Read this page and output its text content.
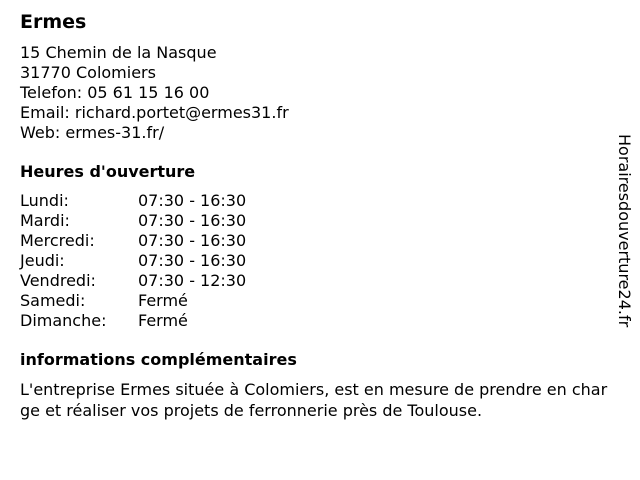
Ermes
15 Chemin de la Nasque
31770 Colomiers
Telefon: 05 61 15 16 00
Email: richard.portet@ermes31.fr
Web: ermes-31.fr/
Heures d'ouverture
Lundi:	07:30 - 16:30
Mardi:	07:30 - 16:30
Mercredi:	07:30 - 16:30
Jeudi:	07:30 - 16:30
Vendredi:	07:30 - 12:30
Samedi:	Fermé
Dimanche:	Fermé
informations complémentaires
L'entreprise Ermes située à Colomiers, est en mesure de prendre en charge et réaliser vos projets de ferronnerie près de Toulouse.
Horairesdouverture24.fr
